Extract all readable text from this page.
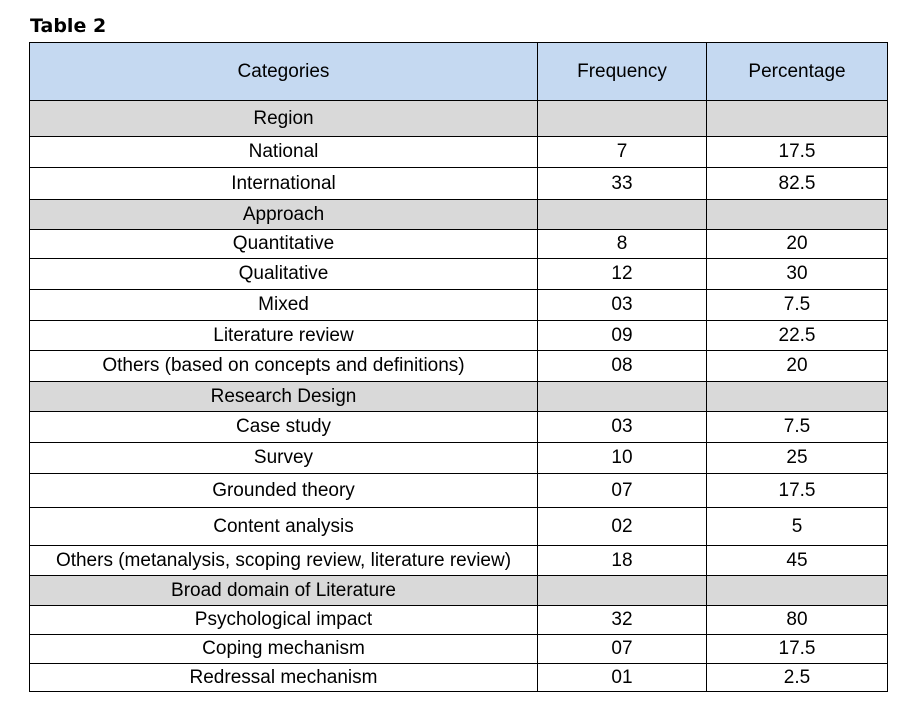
Table 2
Categories	Frequency	Percentage
Region		
National	7	17.5
International	33	82.5
Approach		
Quantitative	8	20
Qualitative	12	30
Mixed	03	7.5
Literature review	09	22.5
Others (based on concepts and definitions)	08	20
Research Design		
Case study	03	7.5
Survey	10	25
Grounded theory	07	17.5
Content analysis	02	5
Others (metanalysis, scoping review, literature review)	18	45
Broad domain of Literature		
Psychological impact	32	80
Coping mechanism	07	17.5
Redressal mechanism	01	2.5
